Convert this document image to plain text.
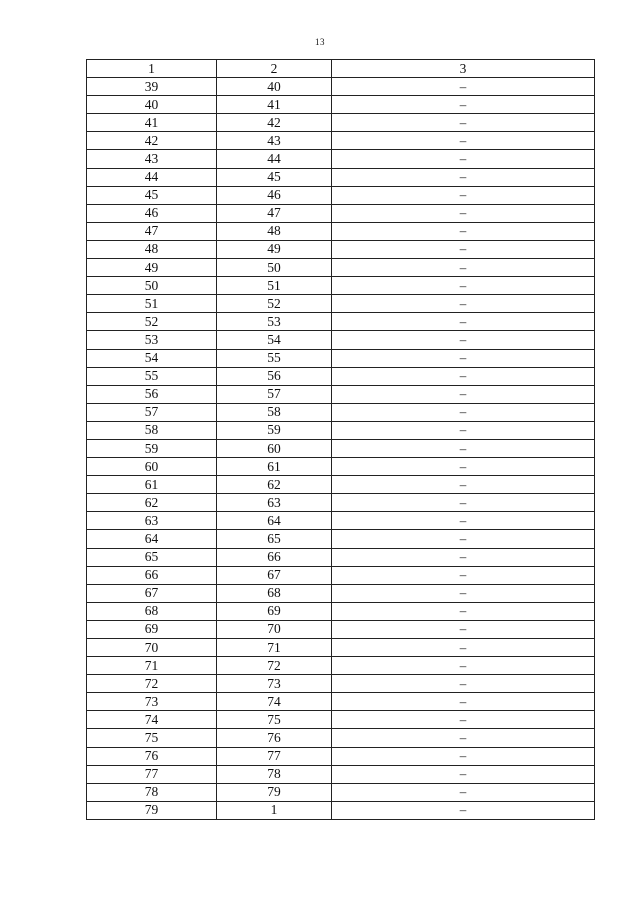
13
1	2	3
39	40	–
40	41	–
41	42	–
42	43	–
43	44	–
44	45	–
45	46	–
46	47	–
47	48	–
48	49	–
49	50	–
50	51	–
51	52	–
52	53	–
53	54	–
54	55	–
55	56	–
56	57	–
57	58	–
58	59	–
59	60	–
60	61	–
61	62	–
62	63	–
63	64	–
64	65	–
65	66	–
66	67	–
67	68	–
68	69	–
69	70	–
70	71	–
71	72	–
72	73	–
73	74	–
74	75	–
75	76	–
76	77	–
77	78	–
78	79	–
79	1	–
